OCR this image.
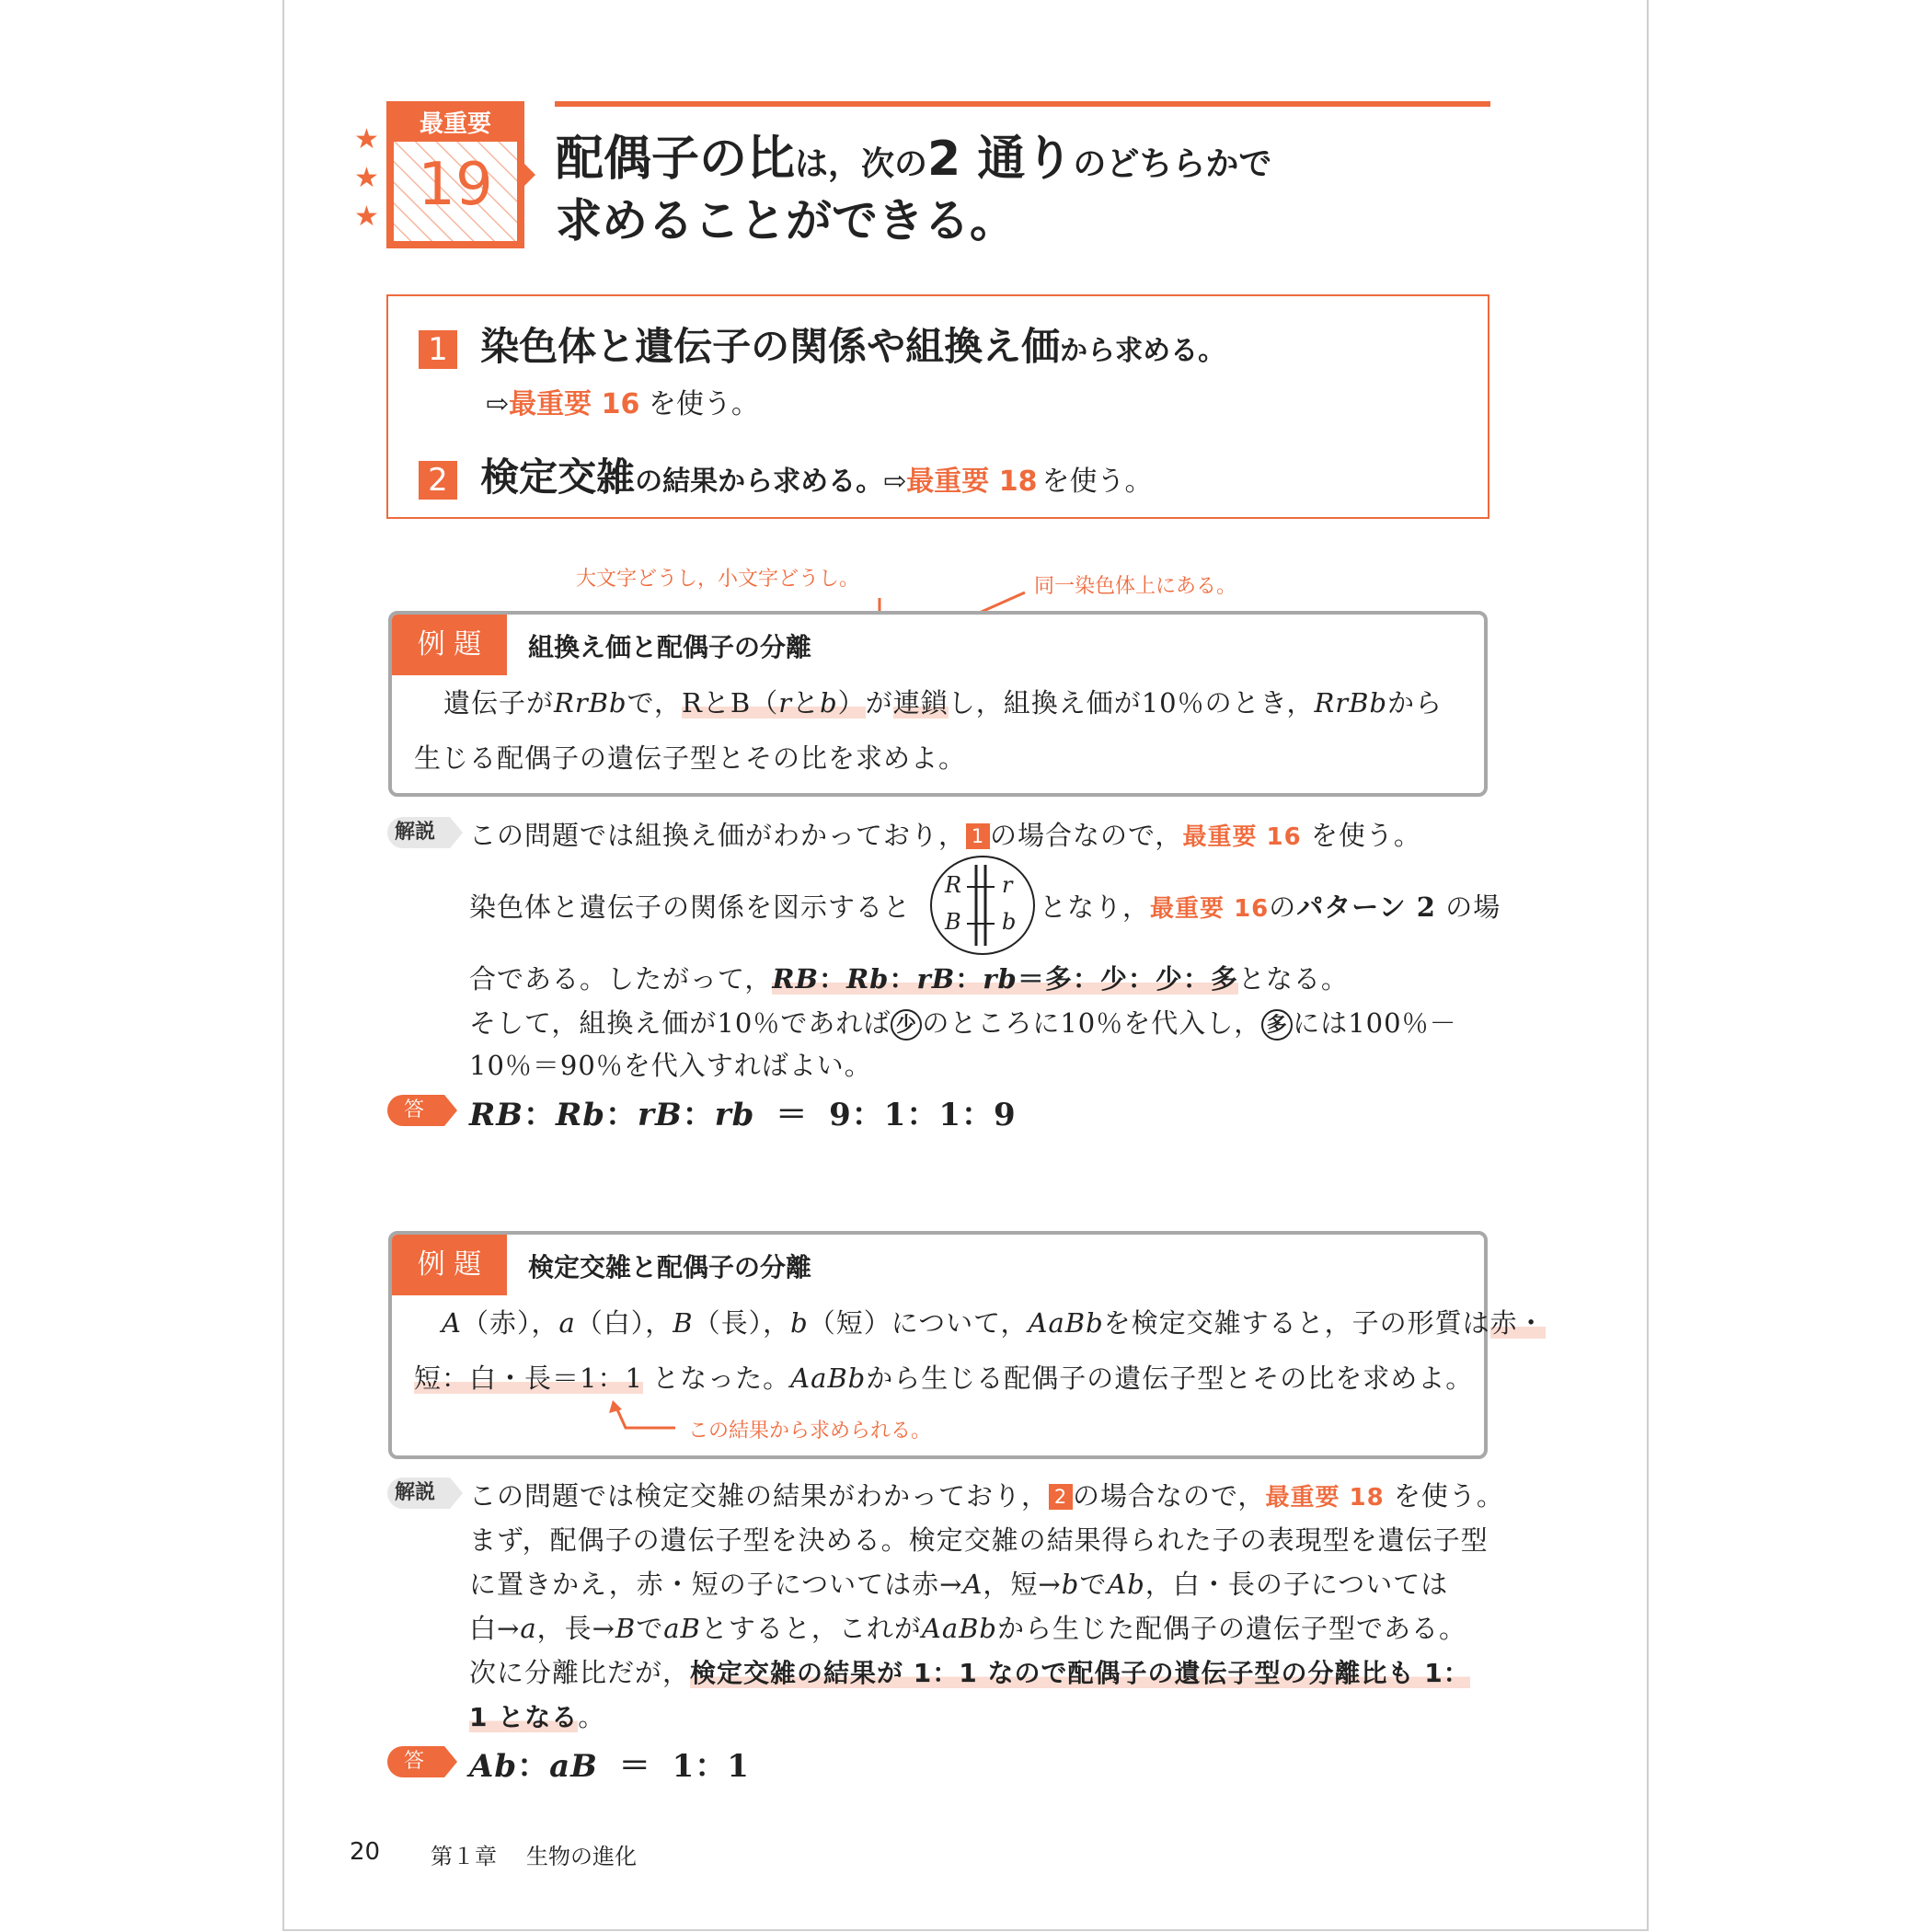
★
★
★
最重要
19	配偶子の比は，次の2 通りのどちらかで
求めることができる。
1 染色体と遺伝子の関係や組換え価から求める。
⇨最重要 16 を使う。
2 検定交雑の結果から求める。⇨最重要 18 を使う。
大文字どうし，小文字どうし。	同一染色体上にある。
例 題	組換え価と配偶子の分離
遺伝子がRrBbで，RとB（rとb）が連鎖し，組換え価が10％のとき，RrBbから
生じる配偶子の遺伝子型とその比を求めよ。
解説	この問題では組換え価がわかっており， 1 の場合なので，最重要 16 を使う。
染色体と遺伝子の関係を図示すると
R r
B b となり，最重要 16のパターン 2 の場
合である。したがって，RB：Rb：rB：rb＝多：少：少：多となる。
そして，組換え価が10％であれば 少 のところに10％を代入し， 多 には100％－
10％＝90％を代入すればよい。
答	RB：Rb：rB：rb ＝ 9：1：1：9
例 題	検定交雑と配偶子の分離
A（赤），a（白），B（長），b（短）について，AaBbを検定交雑すると，子の形質は赤・
短：白・長＝1：1 となった。AaBbから生じる配偶子の遺伝子型とその比を求めよ。
この結果から求められる。
解説	この問題では検定交雑の結果がわかっており， 2 の場合なので，最重要 18 を使う。
まず，配偶子の遺伝子型を決める。検定交雑の結果得られた子の表現型を遺伝子型
に置きかえ，赤・短の子については赤→A，短→bでAb，白・長の子については
白→a，長→BでaBとすると，これがAaBbから生じた配偶子の遺伝子型である。
次に分離比だが，検定交雑の結果が 1：1 なので配偶子の遺伝子型の分離比も 1：
1 となる。
答	Ab：aB ＝ 1：1
20 第１章 生物の進化
